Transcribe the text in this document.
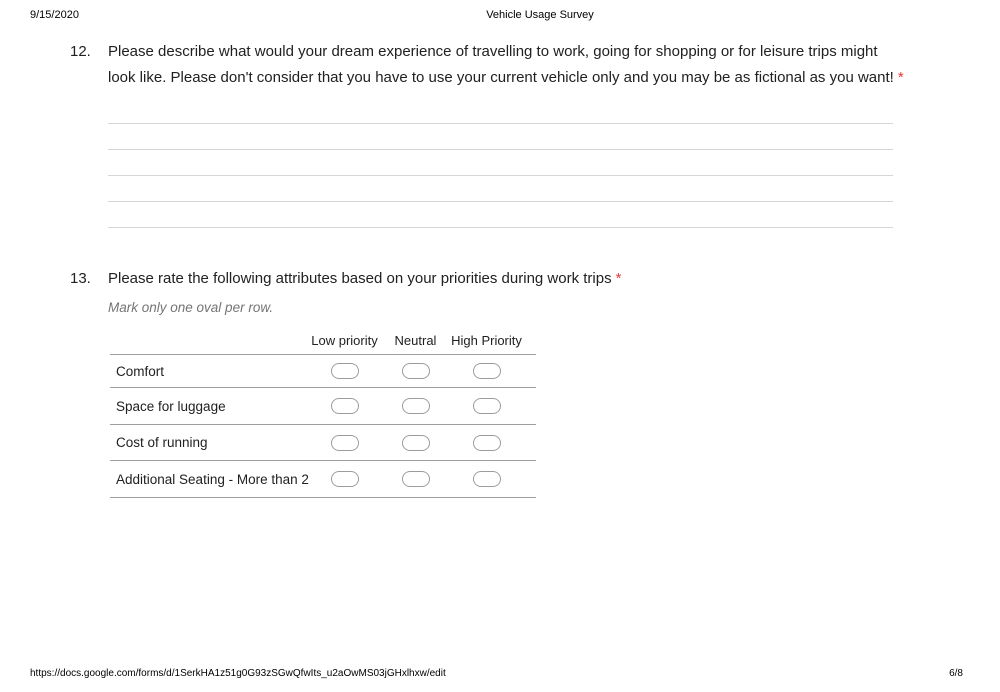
9/15/2020	Vehicle Usage Survey
12. Please describe what would your dream experience of travelling to work, going for shopping or for leisure trips might
look like. Please don't consider that you have to use your current vehicle only and you may be as fictional as you want! *
13. Please rate the following attributes based on your priorities during work trips *
Mark only one oval per row.
Low priority	Neutral	High Priority
Comfort
Space for luggage
Cost of running
Additional Seating - More than 2
https://docs.google.com/forms/d/1SerkHA1z51g0G93zSGwQfwIts_u2aOwMS03jGHxlhxw/edit	6/8
